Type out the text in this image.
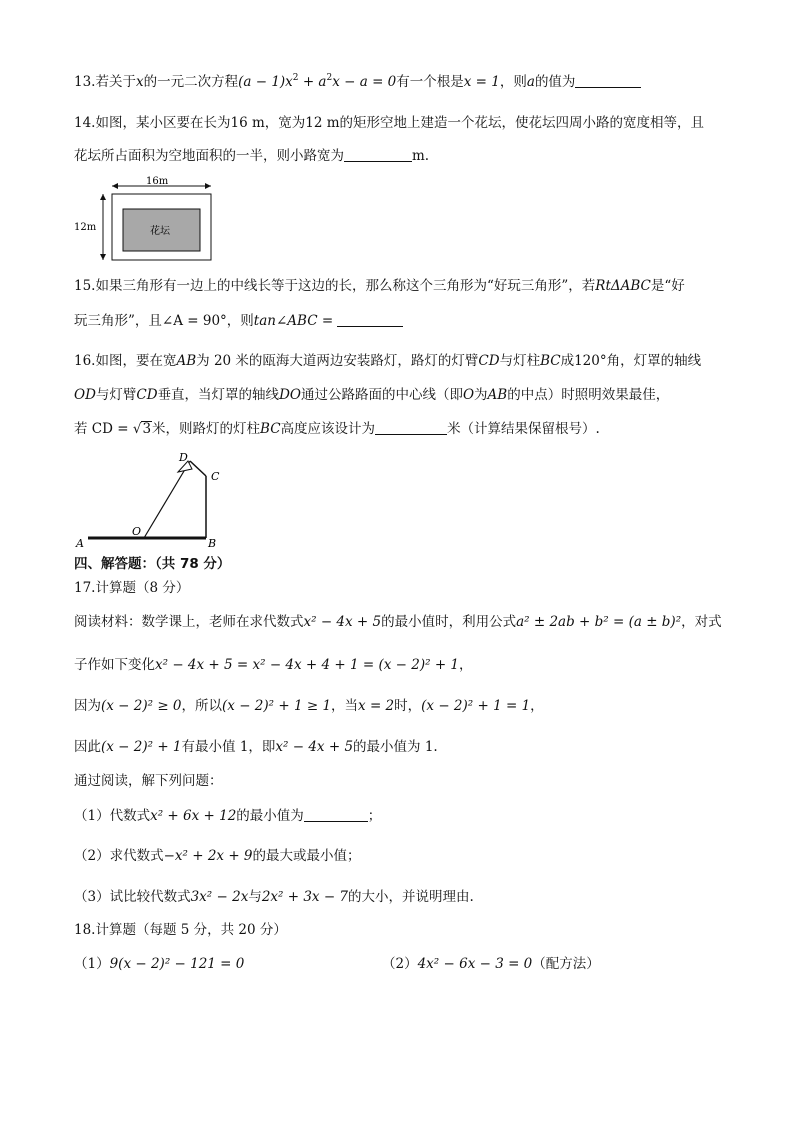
13.若关于x的一元二次方程$(a - 1)x^2 + a^2x - a = 0$有一个根是x = 1，则a的值为
14.如图，某小区要在长为16 m，宽为12 m的矩形空地上建造一个花坛，使花坛四周小路的宽度相等，且
花坛所占面积为空地面积的一半，则小路宽为	m.
16m
12m	花坛
15.如果三角形有一边上的中线长等于这边的长，那么称这个三角形为“好玩三角形”，若RtΔABC是“好
玩三角形”，且∠A = 90°，则tan∠ABC =
16.如图，要在宽AB为 20 米的瓯海大道两边安装路灯，路灯的灯臂CD与灯柱BC成120°角，灯罩的轴线
OD与灯臂CD垂直，当灯罩的轴线DO通过公路路面的中心线（即O为AB的中点）时照明效果最佳，
若 CD = √3米，则路灯的灯柱BC高度应该设计为	米（计算结果保留根号）.
D
C
O
A	B
四、解答题：（共 78 分）
17.计算题（8 分）
阅读材料：数学课上，老师在求代数式x² − 4x + 5的最小值时，利用公式a² ± 2ab + b² = (a ± b)²，对式
子作如下变化x² − 4x + 5 = x² − 4x + 4 + 1 = (x − 2)² + 1，
因为(x − 2)² ≥ 0，所以(x − 2)² + 1 ≥ 1，当x = 2时，(x − 2)² + 1 = 1，
因此(x − 2)² + 1有最小值 1，即x² − 4x + 5的最小值为 1.
通过阅读，解下列问题：
（1）代数式x² + 6x + 12的最小值为	；
（2）求代数式−x² + 2x + 9的最大或最小值；
（3）试比较代数式3x² − 2x与2x² + 3x − 7的大小，并说明理由.
18.计算题（每题 5 分，共 20 分）
（1）9(x − 2)² − 121 = 0	（2）4x² − 6x − 3 = 0（配方法）
